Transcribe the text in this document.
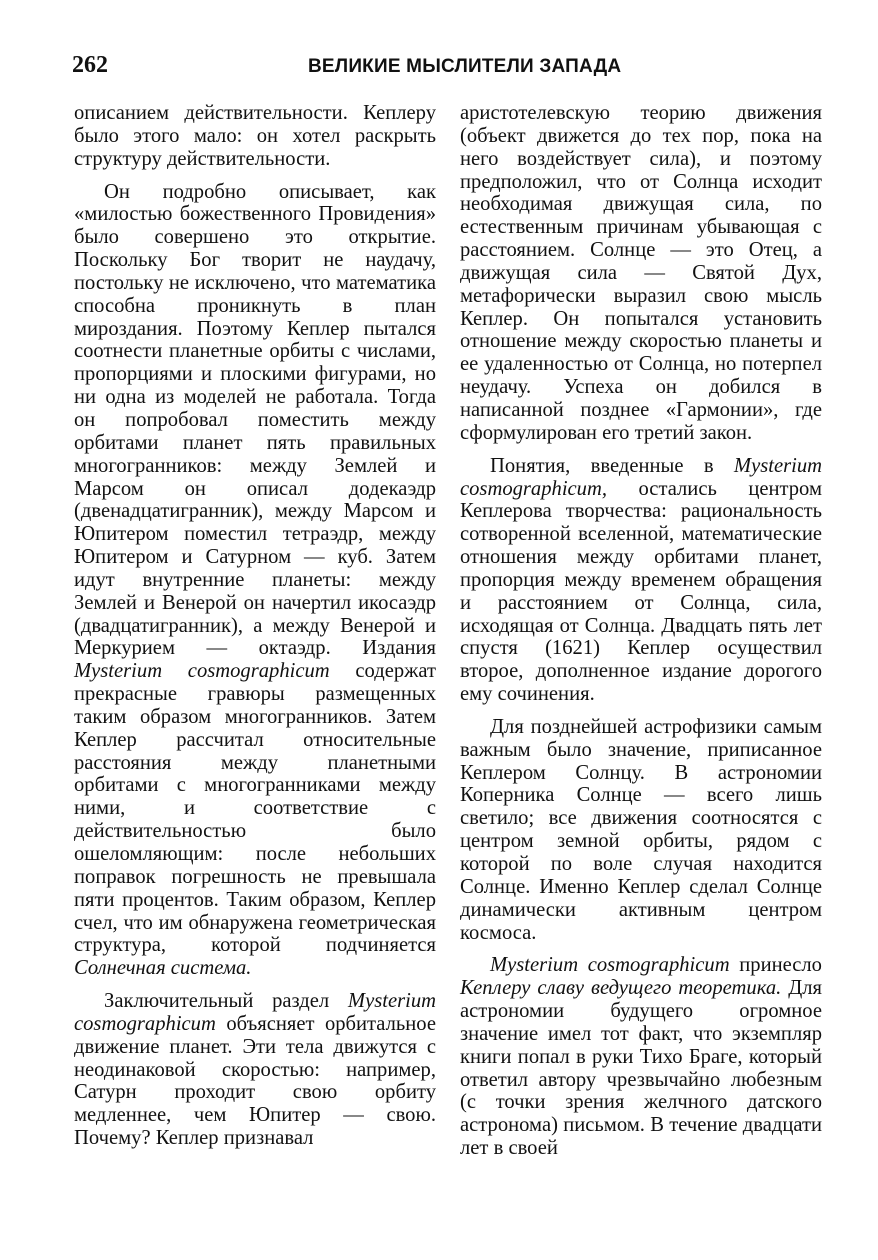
262	ВЕЛИКИЕ МЫСЛИТЕЛИ ЗАПАДА

описанием действительности. Кеплеру было этого мало: он хотел раскрыть структуру действительности.

Он подробно описывает, как «милостью божественного Провидения» было совершено это открытие. Поскольку Бог творит не наудачу, постольку не исключено, что математика способна проникнуть в план мироздания. Поэтому Кеплер пытался соотнести планетные орбиты с числами, пропорциями и плоскими фигурами, но ни одна из моделей не работала. Тогда он попробовал поместить между орбитами планет пять правильных многогранников: между Землей и Марсом он описал додекаэдр (двенадцатигранник), между Марсом и Юпитером поместил тетраэдр, между Юпитером и Сатурном — куб. Затем идут внутренние планеты: между Землей и Венерой он начертил икосаэдр (двадцатигранник), а между Венерой и Меркурием — октаэдр. Издания Mysterium cosmographicum содержат прекрасные гравюры размещенных таким образом многогранников. Затем Кеплер рассчитал относительные расстояния между планетными орбитами с многогранниками между ними, и соответствие с действительностью было ошеломляющим: после небольших поправок погрешность не превышала пяти процентов. Таким образом, Кеплер счел, что им обнаружена геометрическая структура, которой подчиняется Солнечная система.

Заключительный раздел Mysterium cosmographicum объясняет орбитальное движение планет. Эти тела движутся с неодинаковой скоростью: например, Сатурн проходит свою орбиту медленнее, чем Юпитер — свою. Почему? Кеплер признавал

аристотелевскую теорию движения (объект движется до тех пор, пока на него воздействует сила), и поэтому предположил, что от Солнца исходит необходимая движущая сила, по естественным причинам убывающая с расстоянием. Солнце — это Отец, а движущая сила — Святой Дух, метафорически выразил свою мысль Кеплер. Он попытался установить отношение между скоростью планеты и ее удаленностью от Солнца, но потерпел неудачу. Успеха он добился в написанной позднее «Гармонии», где сформулирован его третий закон.

Понятия, введенные в Mysterium cosmographicum, остались центром Кеплерова творчества: рациональность сотворенной вселенной, математические отношения между орбитами планет, пропорция между временем обращения и расстоянием от Солнца, сила, исходящая от Солнца. Двадцать пять лет спустя (1621) Кеплер осуществил второе, дополненное издание дорогого ему сочинения.

Для позднейшей астрофизики самым важным было значение, приписанное Кеплером Солнцу. В астрономии Коперника Солнце — всего лишь светило; все движения соотносятся с центром земной орбиты, рядом с которой по воле случая находится Солнце. Именно Кеплер сделал Солнце динамически активным центром космоса.

Mysterium cosmographicum принесло Кеплеру славу ведущего теоретика. Для астрономии будущего огромное значение имел тот факт, что экземпляр книги попал в руки Тихо Браге, который ответил автору чрезвычайно любезным (с точки зрения желчного датского астронома) письмом. В течение двадцати лет в своей
